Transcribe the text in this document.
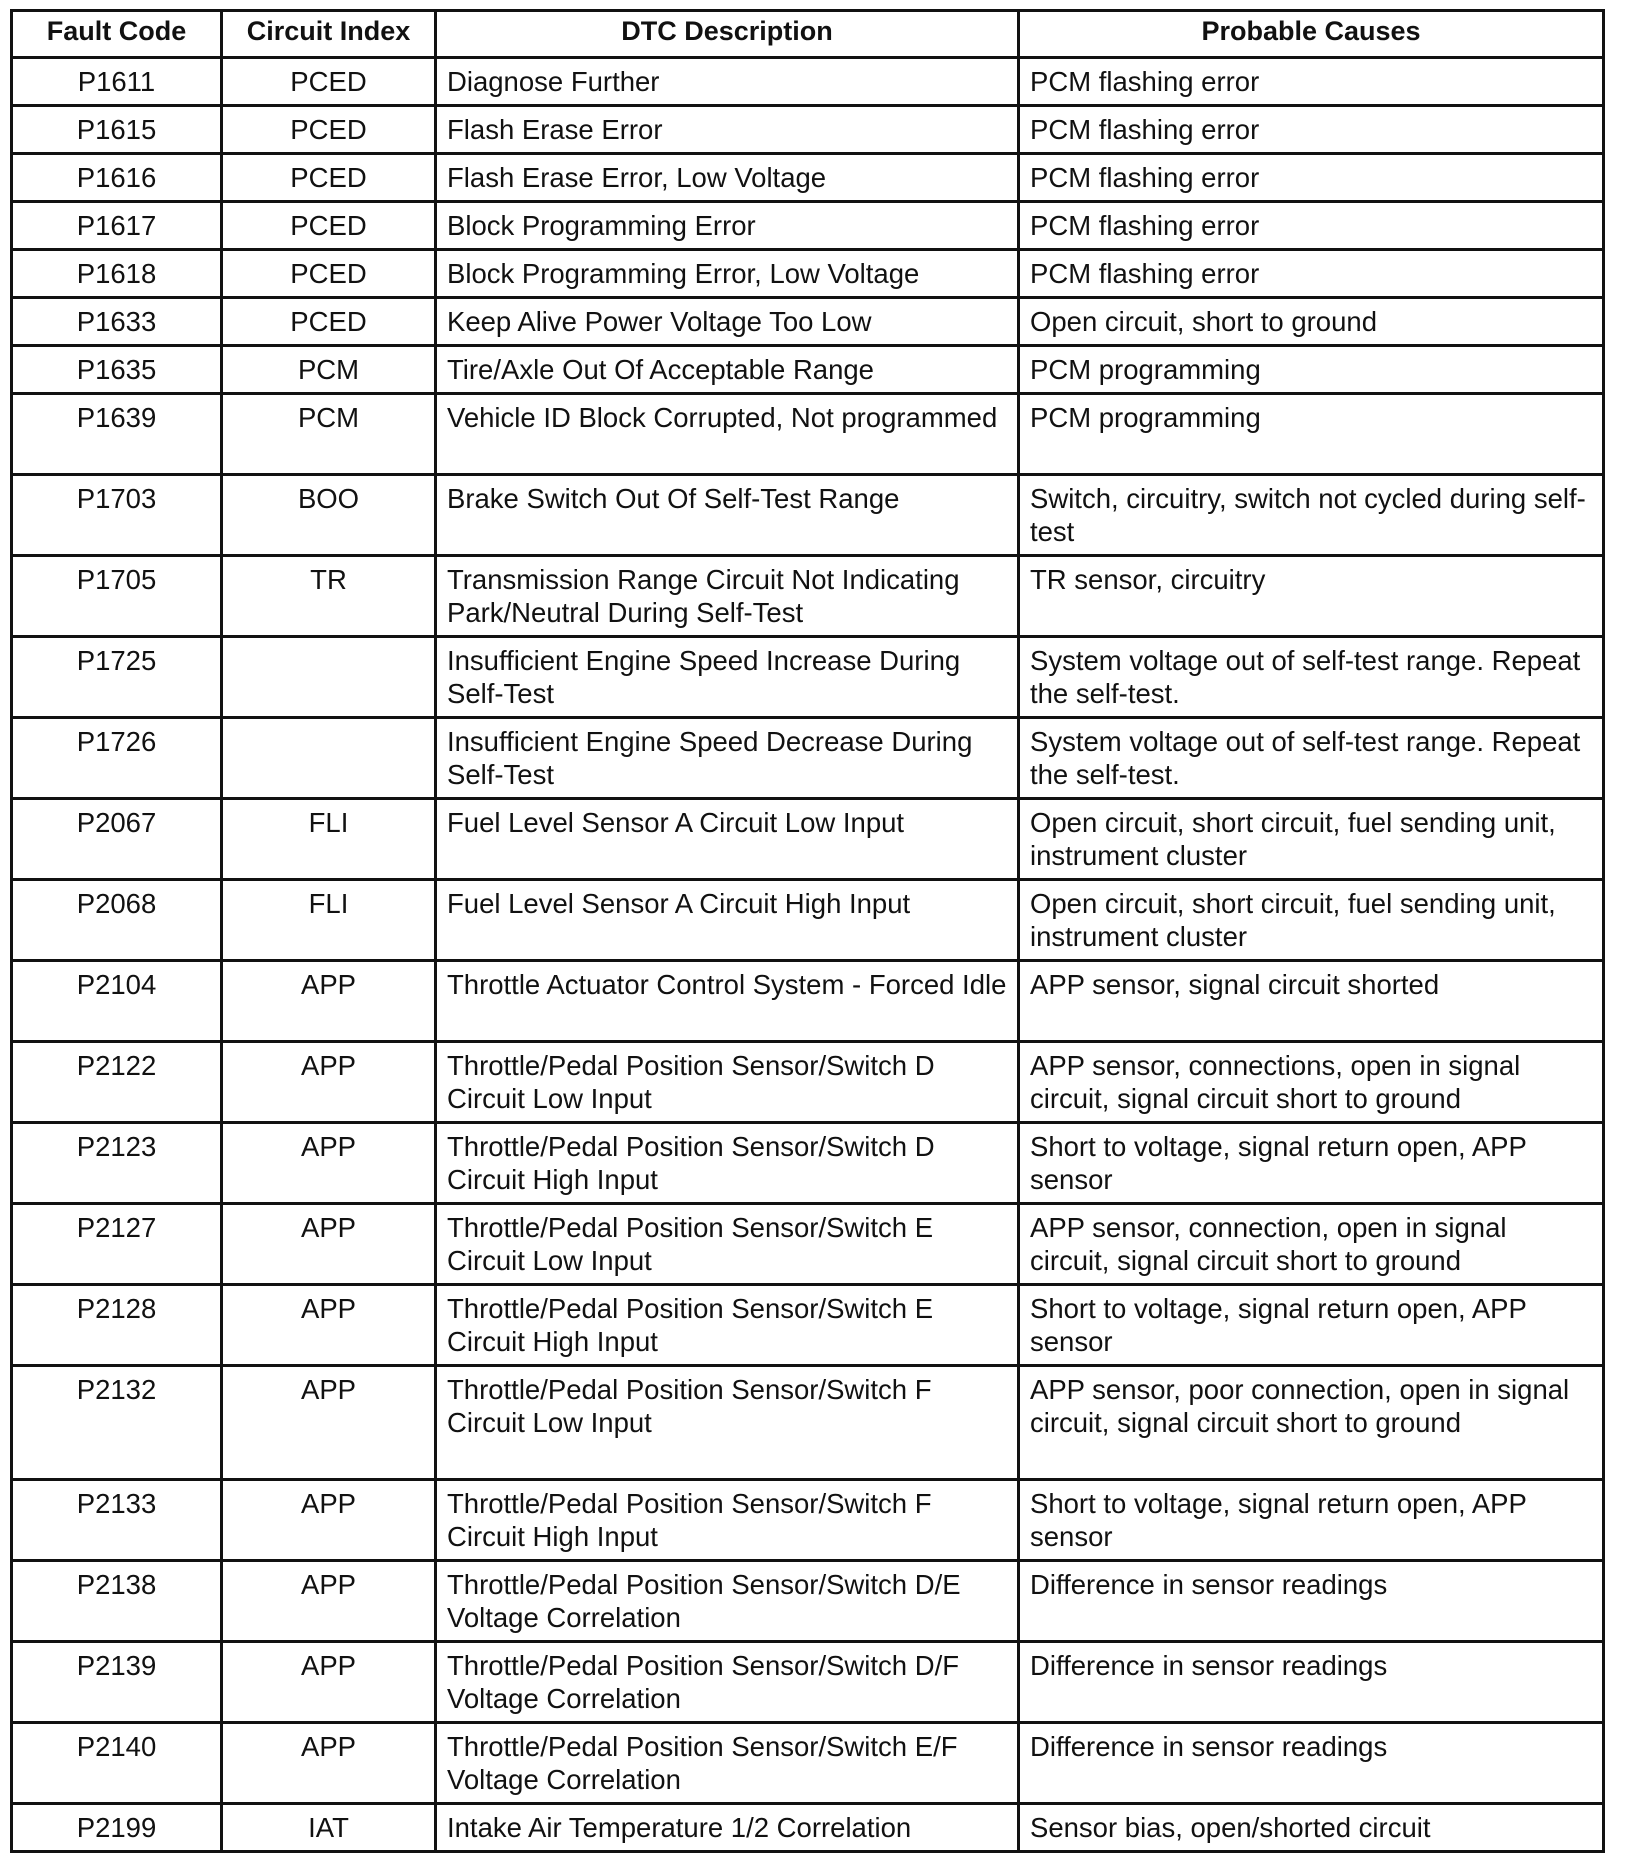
Fault Code	Circuit Index	DTC Description	Probable Causes
P1611	PCED	Diagnose Further	PCM flashing error
P1615	PCED	Flash Erase Error	PCM flashing error
P1616	PCED	Flash Erase Error, Low Voltage	PCM flashing error
P1617	PCED	Block Programming Error	PCM flashing error
P1618	PCED	Block Programming Error, Low Voltage	PCM flashing error
P1633	PCED	Keep Alive Power Voltage Too Low	Open circuit, short to ground
P1635	PCM	Tire/Axle Out Of Acceptable Range	PCM programming
P1639	PCM	Vehicle ID Block Corrupted, Not programmed	PCM programming
P1703	BOO	Brake Switch Out Of Self-Test Range	Switch, circuitry, switch not cycled during self-test
P1705	TR	Transmission Range Circuit Not Indicating Park/Neutral During Self-Test	TR sensor, circuitry
P1725		Insufficient Engine Speed Increase During Self-Test	System voltage out of self-test range. Repeat the self-test.
P1726		Insufficient Engine Speed Decrease During Self-Test	System voltage out of self-test range. Repeat the self-test.
P2067	FLI	Fuel Level Sensor A Circuit Low Input	Open circuit, short circuit, fuel sending unit, instrument cluster
P2068	FLI	Fuel Level Sensor A Circuit High Input	Open circuit, short circuit, fuel sending unit, instrument cluster
P2104	APP	Throttle Actuator Control System - Forced Idle	APP sensor, signal circuit shorted
P2122	APP	Throttle/Pedal Position Sensor/Switch D Circuit Low Input	APP sensor, connections, open in signal circuit, signal circuit short to ground
P2123	APP	Throttle/Pedal Position Sensor/Switch D Circuit High Input	Short to voltage, signal return open, APP sensor
P2127	APP	Throttle/Pedal Position Sensor/Switch E Circuit Low Input	APP sensor, connection, open in signal circuit, signal circuit short to ground
P2128	APP	Throttle/Pedal Position Sensor/Switch E Circuit High Input	Short to voltage, signal return open, APP sensor
P2132	APP	Throttle/Pedal Position Sensor/Switch F Circuit Low Input	APP sensor, poor connection, open in signal circuit, signal circuit short to ground
P2133	APP	Throttle/Pedal Position Sensor/Switch F Circuit High Input	Short to voltage, signal return open, APP sensor
P2138	APP	Throttle/Pedal Position Sensor/Switch D/E Voltage Correlation	Difference in sensor readings
P2139	APP	Throttle/Pedal Position Sensor/Switch D/F Voltage Correlation	Difference in sensor readings
P2140	APP	Throttle/Pedal Position Sensor/Switch E/F Voltage Correlation	Difference in sensor readings
P2199	IAT	Intake Air Temperature 1/2 Correlation	Sensor bias, open/shorted circuit
